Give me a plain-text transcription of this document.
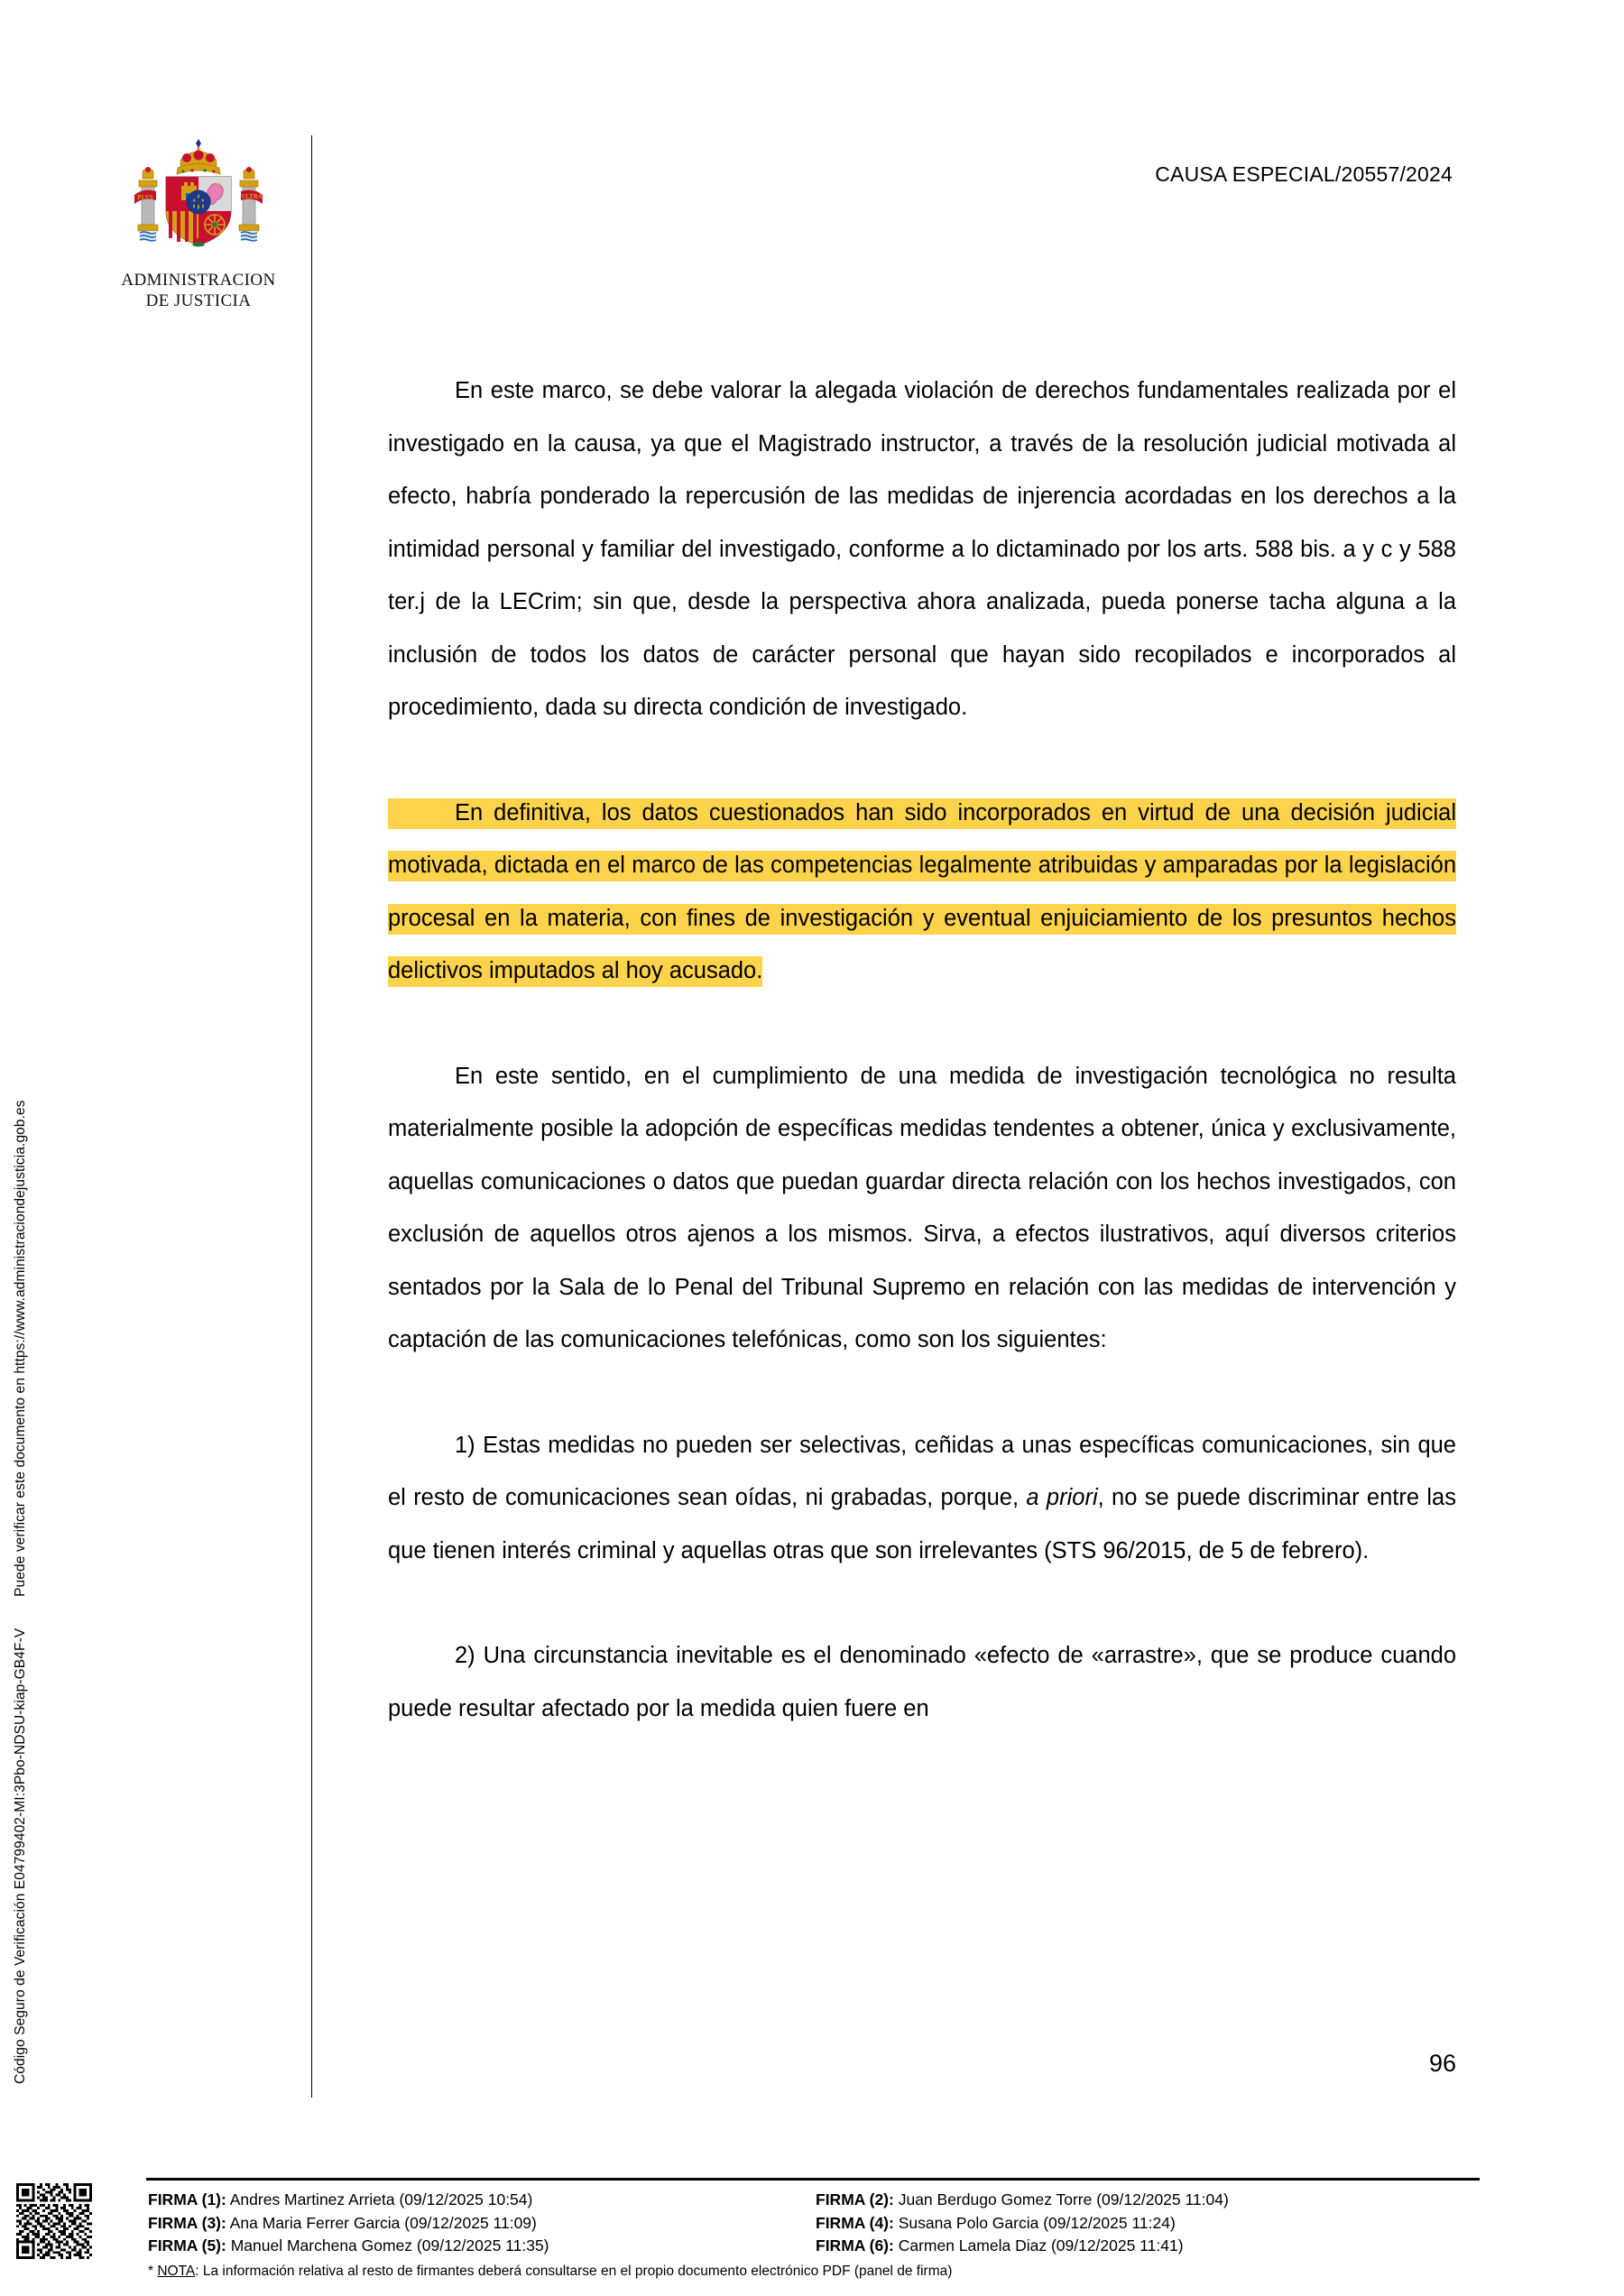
Código Seguro de Verificación E04799402-MI:3Pbo-NDSU-kiap-GB4F-V  Puede verificar este documento en https://www.administraciondejusticia.gob.es
PLVS	VLTRA
ADMINISTRACION
DE JUSTICIA
CAUSA ESPECIAL/20557/2024

En este marco, se debe valorar la alegada violación de derechos fundamentales realizada por el investigado en la causa, ya que el Magistrado instructor, a través de la resolución judicial motivada al efecto, habría ponderado la repercusión de las medidas de injerencia acordadas en los derechos a la intimidad personal y familiar del investigado, conforme a lo dictaminado por los arts. 588 bis. a y c y 588 ter.j de la LECrim; sin que, desde la perspectiva ahora analizada, pueda ponerse tacha alguna a la inclusión de todos los datos de carácter personal que hayan sido recopilados e incorporados al procedimiento, dada su directa condición de investigado.

En definitiva, los datos cuestionados han sido incorporados en virtud de una decisión judicial motivada, dictada en el marco de las competencias legalmente atribuidas y amparadas por la legislación procesal en la materia, con fines de investigación y eventual enjuiciamiento de los presuntos hechos delictivos imputados al hoy acusado.

En este sentido, en el cumplimiento de una medida de investigación tecnológica no resulta materialmente posible la adopción de específicas medidas tendentes a obtener, única y exclusivamente, aquellas comunicaciones o datos que puedan guardar directa relación con los hechos investigados, con exclusión de aquellos otros ajenos a los mismos. Sirva, a efectos ilustrativos, aquí diversos criterios sentados por la Sala de lo Penal del Tribunal Supremo en relación con las medidas de intervención y captación de las comunicaciones telefónicas, como son los siguientes:

1) Estas medidas no pueden ser selectivas, ceñidas a unas específicas comunicaciones, sin que el resto de comunicaciones sean oídas, ni grabadas, porque, a priori, no se puede discriminar entre las que tienen interés criminal y aquellas otras que son irrelevantes (STS 96/2015, de 5 de febrero).

2) Una circunstancia inevitable es el denominado «efecto de «arrastre», que se produce cuando puede resultar afectado por la medida quien fuere en

96
FIRMA (1): Andres Martinez Arrieta (09/12/2025 10:54)	FIRMA (2): Juan Berdugo Gomez Torre (09/12/2025 11:04)
FIRMA (3): Ana Maria Ferrer Garcia (09/12/2025 11:09)	FIRMA (4): Susana Polo Garcia (09/12/2025 11:24)
FIRMA (5): Manuel Marchena Gomez (09/12/2025 11:35)	FIRMA (6): Carmen Lamela Diaz (09/12/2025 11:41)
* NOTA: La información relativa al resto de firmantes deberá consultarse en el propio documento electrónico PDF (panel de firma)
